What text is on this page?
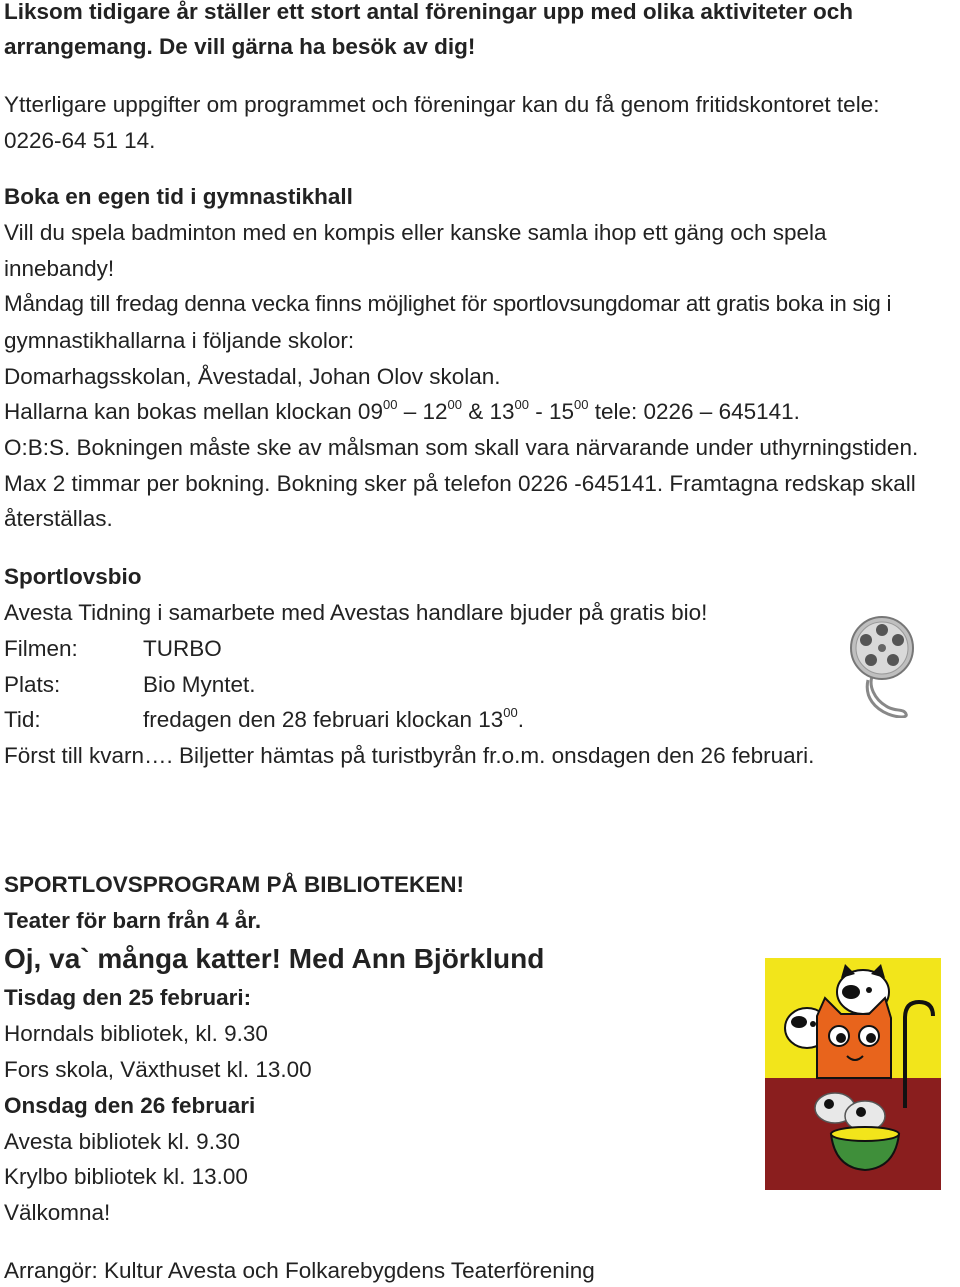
Liksom tidigare år ställer ett stort antal föreningar upp med olika aktiviteter och
arrangemang. De vill gärna ha besök av dig!
Ytterligare uppgifter om programmet och föreningar kan du få genom fritidskontoret tele:
0226-64 51 14.
Boka en egen tid i gymnastikhall
Vill du spela badminton med en kompis eller kanske samla ihop ett gäng och spela
innebandy!
Måndag till fredag denna vecka finns möjlighet för sportlovsungdomar att gratis boka in sig i
gymnastikhallarna i följande skolor:
Domarhagsskolan, Åvestadal, Johan Olov skolan.
Hallarna kan bokas mellan klockan $09^{00} - 12^{00}$ & $13^{00} - 15^{00}$ tele: 0226 – 645141.
O:B:S. Bokningen måste ske av målsman som skall vara närvarande under uthyrningstiden.
Max 2 timmar per bokning. Bokning sker på telefon 0226 -645141. Framtagna redskap skall
återställas.
Sportlovsbio
Avesta Tidning i samarbete med Avestas handlare bjuder på gratis bio!
Filmen:	TURBO
Plats:	Bio Myntet.
Tid:	fredagen den 28 februari klockan $13^{00}$.
Först till kvarn…. Biljetter hämtas på turistbyrån fr.o.m. onsdagen den 26 februari.
SPORTLOVSPROGRAM PÅ BIBLIOTEKEN!
Teater för barn från 4 år.
Oj, va` många katter! Med Ann Björklund
Tisdag den 25 februari:
Horndals bibliotek, kl. 9.30
Fors skola, Växthuset kl. 13.00
Onsdag den 26 februari
Avesta bibliotek kl. 9.30
Krylbo bibliotek kl. 13.00
Välkomna!
Arrangör: Kultur Avesta och Folkarebygdens Teaterförening
